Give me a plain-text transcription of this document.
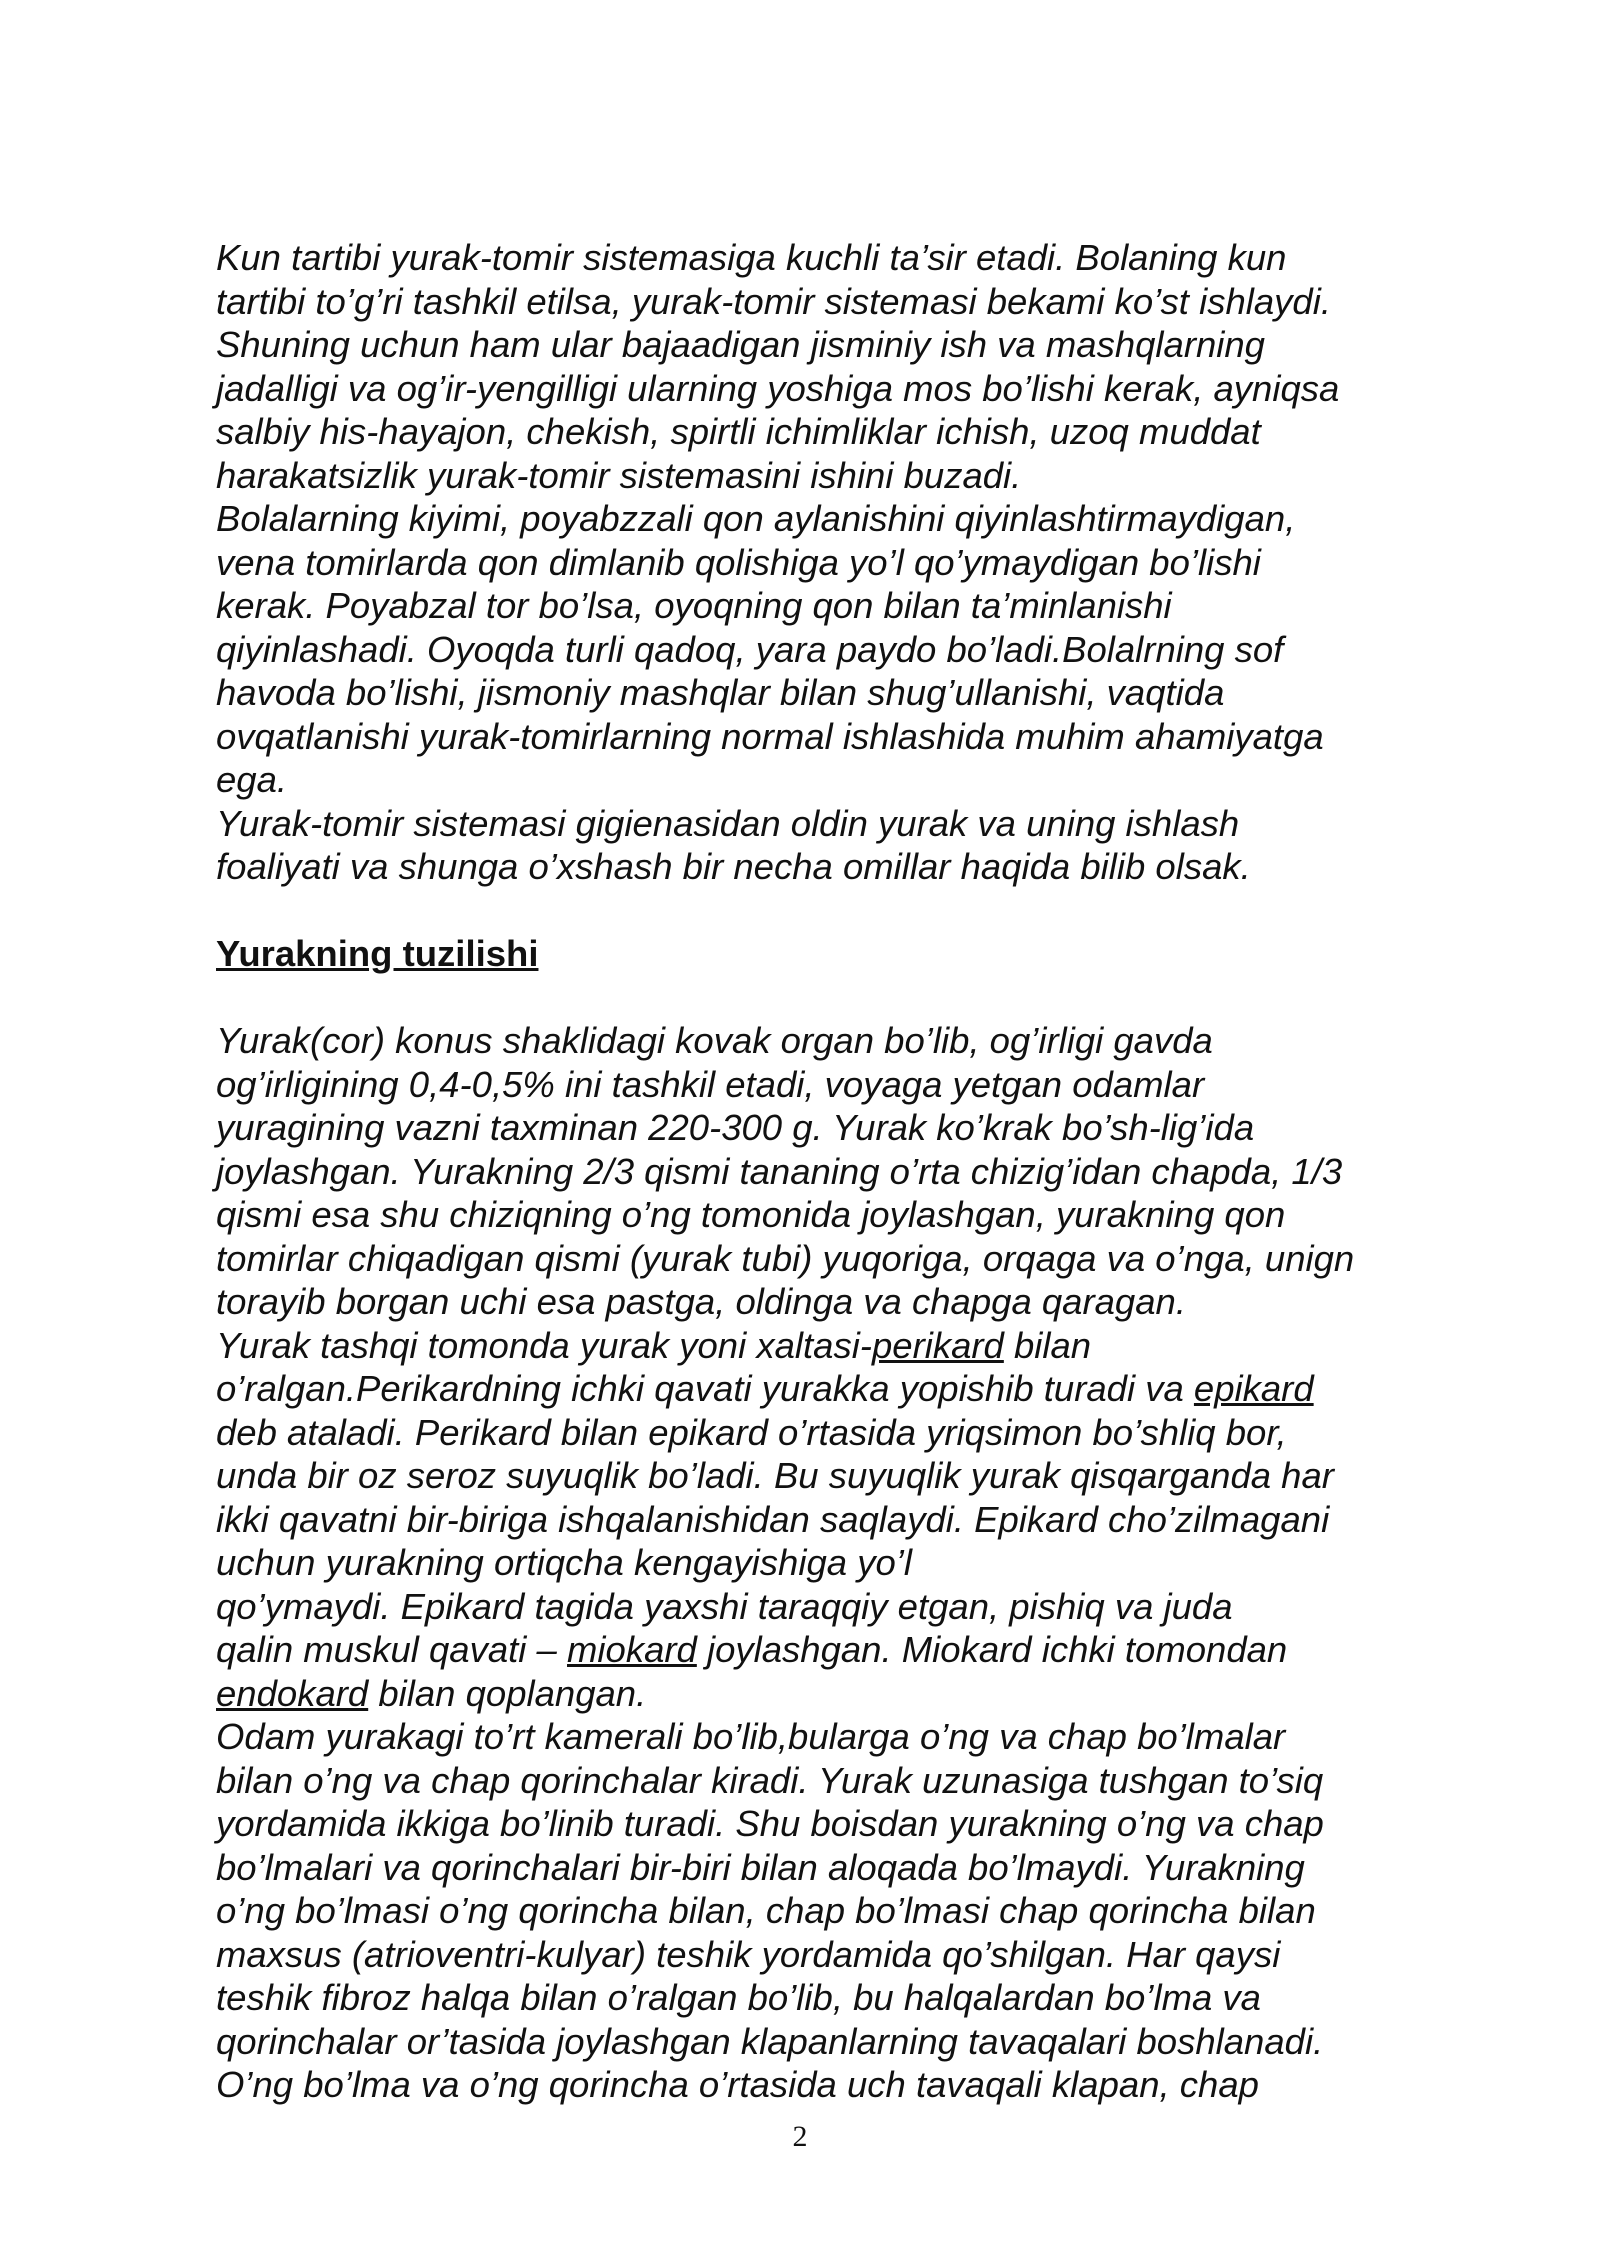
Kun tartibi yurak-tomir sistemasiga kuchli ta’sir etadi. Bolaning kun
tartibi to’g’ri tashkil etilsa, yurak-tomir sistemasi bekami ko’st ishlaydi.
Shuning uchun ham ular bajaadigan jisminiy ish va mashqlarning
jadalligi va og’ir-yengilligi ularning yoshiga mos bo’lishi kerak, ayniqsa
salbiy his-hayajon, chekish, spirtli ichimliklar ichish, uzoq muddat
harakatsizlik yurak-tomir sistemasini ishini buzadi.
Bolalarning kiyimi, poyabzzali qon aylanishini qiyinlashtirmaydigan,
vena tomirlarda qon dimlanib qolishiga yo’l qo’ymaydigan bo’lishi
kerak. Poyabzal tor bo’lsa, oyoqning qon bilan ta’minlanishi
qiyinlashadi. Oyoqda turli qadoq, yara paydo bo’ladi.Bolalrning sof
havoda bo’lishi, jismoniy mashqlar bilan shug’ullanishi, vaqtida
ovqatlanishi yurak-tomirlarning normal ishlashida muhim ahamiyatga
ega.
Yurak-tomir sistemasi gigienasidan oldin yurak va uning ishlash
foaliyati va shunga o’xshash bir necha omillar haqida bilib olsak.
Yurakning tuzilishi
Yurak(cor) konus shaklidagi kovak organ bo’lib, og’irligi gavda
og’irligining 0,4-0,5% ini tashkil etadi, voyaga yetgan odamlar
yuragining vazni taxminan 220-300 g. Yurak ko’krak bo’sh-lig’ida
joylashgan. Yurakning 2/3 qismi tananing o’rta chizig’idan chapda, 1/3
qismi esa shu chiziqning o’ng tomonida joylashgan, yurakning qon
tomirlar chiqadigan qismi (yurak tubi) yuqoriga, orqaga va o’nga, unign
torayib borgan uchi esa pastga, oldinga va chapga qaragan.
Yurak tashqi tomonda yurak yoni xaltasi-perikard bilan
o’ralgan.Perikardning ichki qavati yurakka yopishib turadi va epikard
deb ataladi. Perikard bilan epikard o’rtasida yriqsimon bo’shliq bor,
unda bir oz seroz suyuqlik bo’ladi. Bu suyuqlik yurak qisqarganda har
ikki qavatni bir-biriga ishqalanishidan saqlaydi. Epikard cho’zilmagani
uchun yurakning ortiqcha kengayishiga yo’l
qo’ymaydi. Epikard tagida yaxshi taraqqiy etgan, pishiq va juda
qalin muskul qavati – miokard joylashgan. Miokard ichki tomondan
endokard bilan qoplangan.
Odam yurakagi to’rt kamerali bo’lib,bularga o’ng va chap bo’lmalar
bilan o’ng va chap qorinchalar kiradi. Yurak uzunasiga tushgan to’siq
yordamida ikkiga bo’linib turadi. Shu boisdan yurakning o’ng va chap
bo’lmalari va qorinchalari bir-biri bilan aloqada bo’lmaydi. Yurakning
o’ng bo’lmasi o’ng qorincha bilan, chap bo’lmasi chap qorincha bilan
maxsus (atrioventri-kulyar) teshik yordamida qo’shilgan. Har qaysi
teshik fibroz halqa bilan o’ralgan bo’lib, bu halqalardan bo’lma va
qorinchalar or’tasida joylashgan klapanlarning tavaqalari boshlanadi.
O’ng bo’lma va o’ng qorincha o’rtasida uch tavaqali klapan, chap
2
